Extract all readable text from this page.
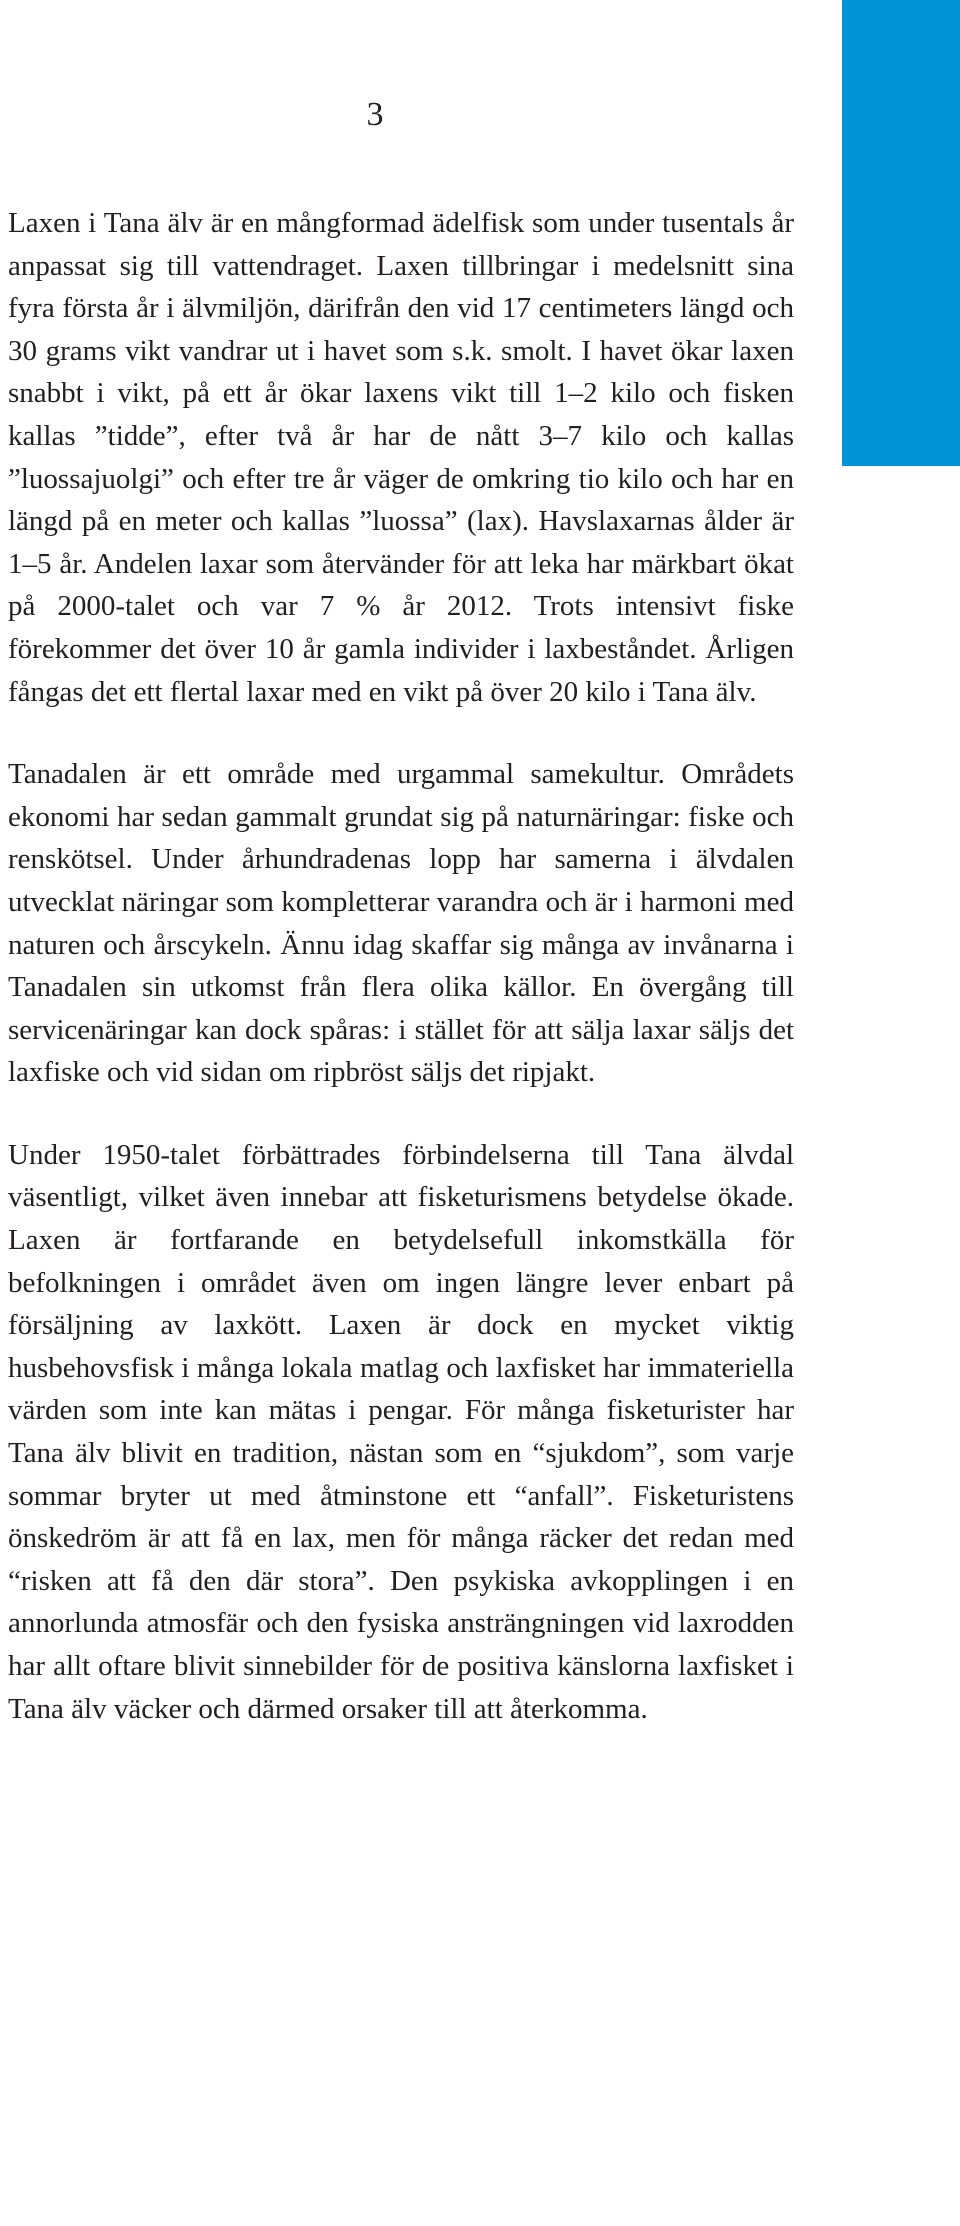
3

Laxen i Tana älv är en mångformad ädelfisk som under tusentals år anpassat sig till vattendraget. Laxen tillbringar i medelsnitt sina fyra första år i älvmiljön, därifrån den vid 17 centimeters längd och 30 grams vikt vandrar ut i havet som s.k. smolt. I havet ökar laxen snabbt i vikt, på ett år ökar laxens vikt till 1–2 kilo och fisken kallas ”tidde”, efter två år har de nått 3–7 kilo och kallas ”luossajuolgi” och efter tre år väger de omkring tio kilo och har en längd på en meter och kallas ”luossa” (lax). Havslaxarnas ålder är 1–5 år. Andelen laxar som återvänder för att leka har märkbart ökat på 2000-talet och var 7 % år 2012. Trots intensivt fiske förekommer det över 10 år gamla individer i laxbeståndet. Årligen fångas det ett flertal laxar med en vikt på över 20 kilo i Tana älv.

Tanadalen är ett område med urgammal samekultur. Områdets ekonomi har sedan gammalt grundat sig på naturnäringar: fiske och renskötsel. Under århundradenas lopp har samerna i älvdalen utvecklat näringar som kompletterar varandra och är i harmoni med naturen och årscykeln. Ännu idag skaffar sig många av invånarna i Tanadalen sin utkomst från flera olika källor. En övergång till servicenäringar kan dock spåras: i stället för att sälja laxar säljs det laxfiske och vid sidan om ripbröst säljs det ripjakt.

Under 1950-talet förbättrades förbindelserna till Tana älvdal väsentligt, vilket även innebar att fisketurismens betydelse ökade. Laxen är fortfarande en betydelsefull inkomstkälla för befolkningen i området även om ingen längre lever enbart på försäljning av laxkött. Laxen är dock en mycket viktig husbehovsfisk i många lokala matlag och laxfisket har immateriella värden som inte kan mätas i pengar. För många fisketurister har Tana älv blivit en tradition, nästan som en “sjukdom”, som varje sommar bryter ut med åtminstone ett “anfall”. Fisketuristens önskedröm är att få en lax, men för många räcker det redan med “risken att få den där stora”. Den psykiska avkopplingen i en annorlunda atmosfär och den fysiska ansträngningen vid laxrodden har allt oftare blivit sinnebilder för de positiva känslorna laxfisket i Tana älv väcker och därmed orsaker till att återkomma.
